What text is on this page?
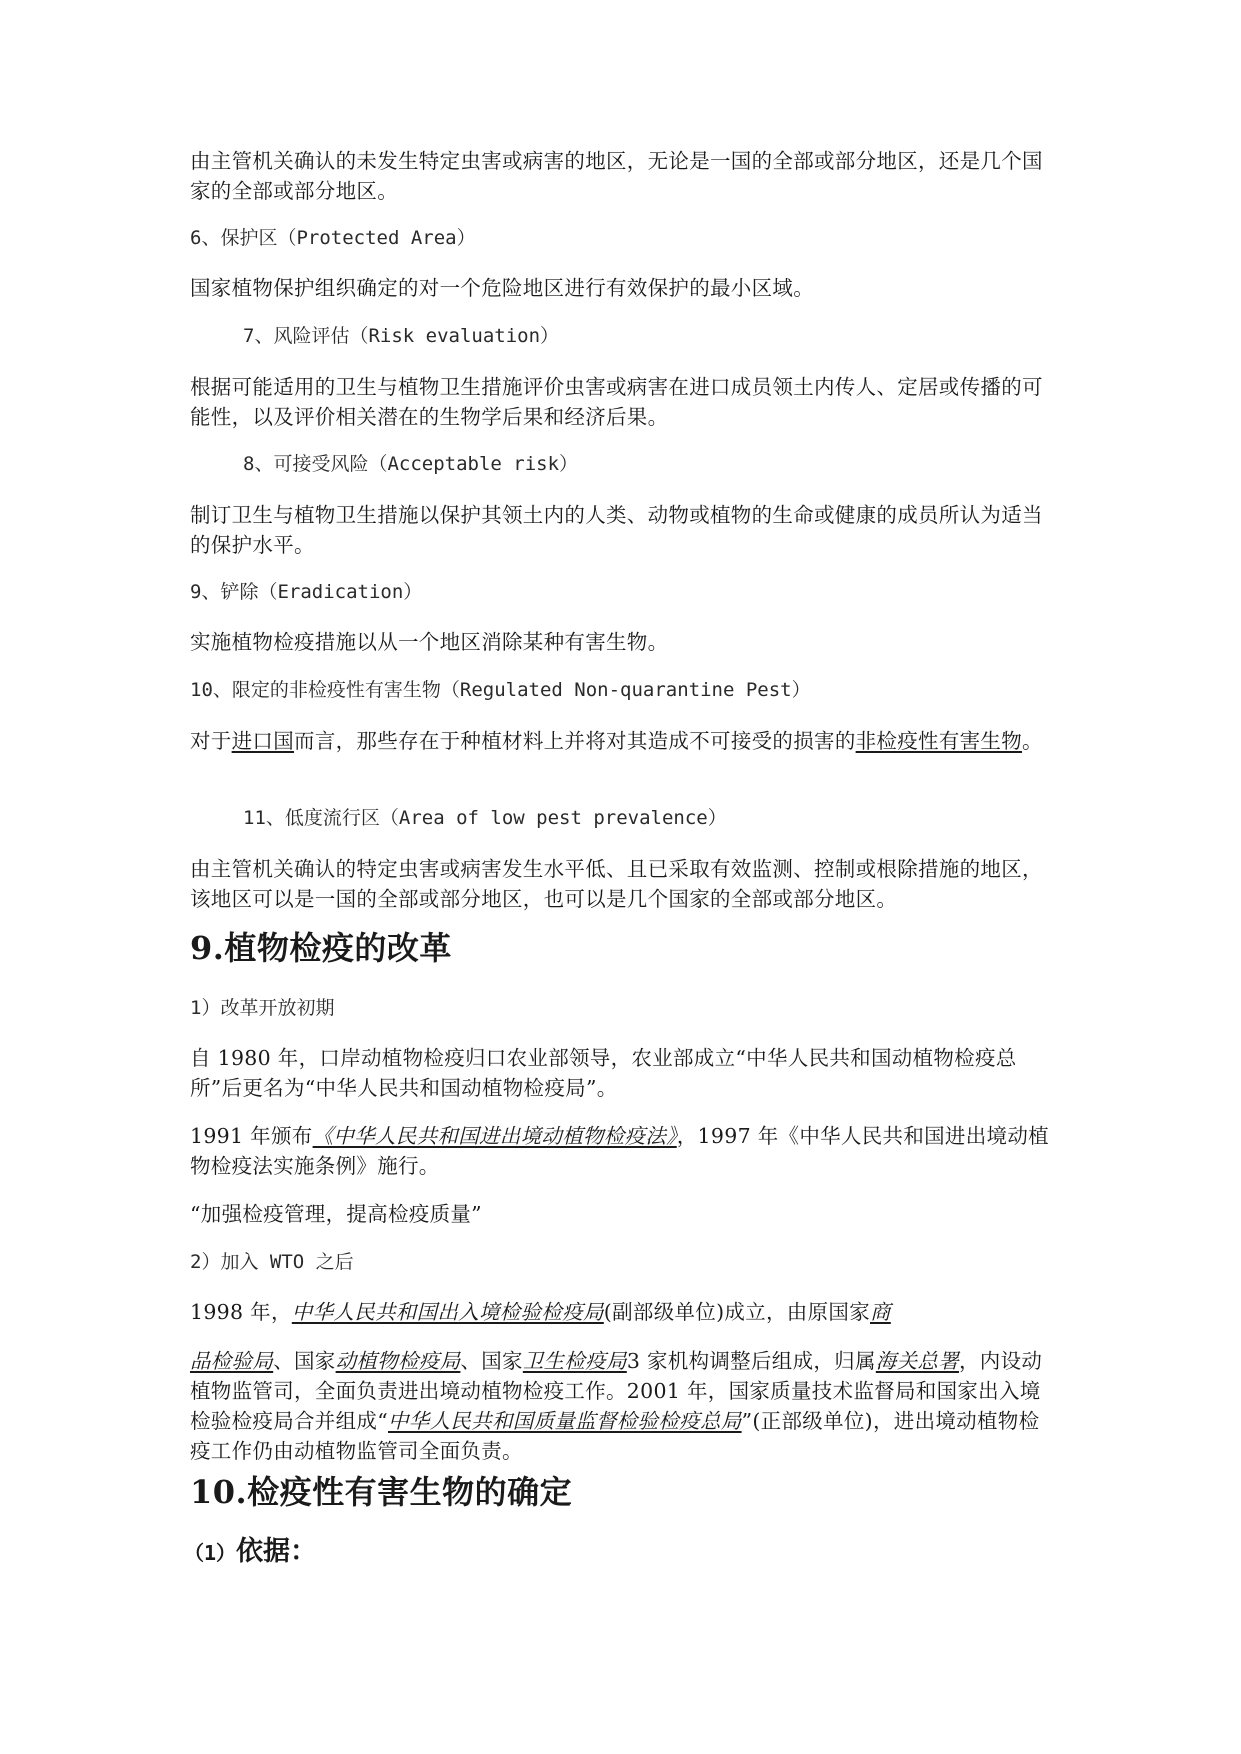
由主管机关确认的未发生特定虫害或病害的地区，无论是一国的全部或部分地区，还是几个国家的全部或部分地区。

6、保护区（Protected Area）

国家植物保护组织确定的对一个危险地区进行有效保护的最小区域。

7、风险评估（Risk evaluation）

根据可能适用的卫生与植物卫生措施评价虫害或病害在进口成员领土内传人、定居或传播的可能性，以及评价相关潜在的生物学后果和经济后果。

8、可接受风险（Acceptable risk）

制订卫生与植物卫生措施以保护其领土内的人类、动物或植物的生命或健康的成员所认为适当的保护水平。

9、铲除（Eradication）

实施植物检疫措施以从一个地区消除某种有害生物。

10、限定的非检疫性有害生物（Regulated Non-quarantine Pest）

对于进口国而言，那些存在于种植材料上并将对其造成不可接受的损害的非检疫性有害生物。

11、低度流行区（Area of low pest prevalence）

由主管机关确认的特定虫害或病害发生水平低、且已采取有效监测、控制或根除措施的地区，该地区可以是一国的全部或部分地区，也可以是几个国家的全部或部分地区。

9.植物检疫的改革

1）改革开放初期

自 1980 年，口岸动植物检疫归口农业部领导，农业部成立“中华人民共和国动植物检疫总所”后更名为“中华人民共和国动植物检疫局”。

1991 年颁布《中华人民共和国进出境动植物检疫法》，1997 年《中华人民共和国进出境动植物检疫法实施条例》施行。

“加强检疫管理，提高检疫质量”

2）加入 WTO 之后

1998 年，中华人民共和国出入境检验检疫局(副部级单位)成立，由原国家商

品检验局、国家动植物检疫局、国家卫生检疫局3 家机构调整后组成，归属海关总署，内设动植物监管司，全面负责进出境动植物检疫工作。2001 年，国家质量技术监督局和国家出入境检验检疫局合并组成“中华人民共和国质量监督检验检疫总局”(正部级单位)，进出境动植物检疫工作仍由动植物监管司全面负责。

10.检疫性有害生物的确定
（1）依据：
